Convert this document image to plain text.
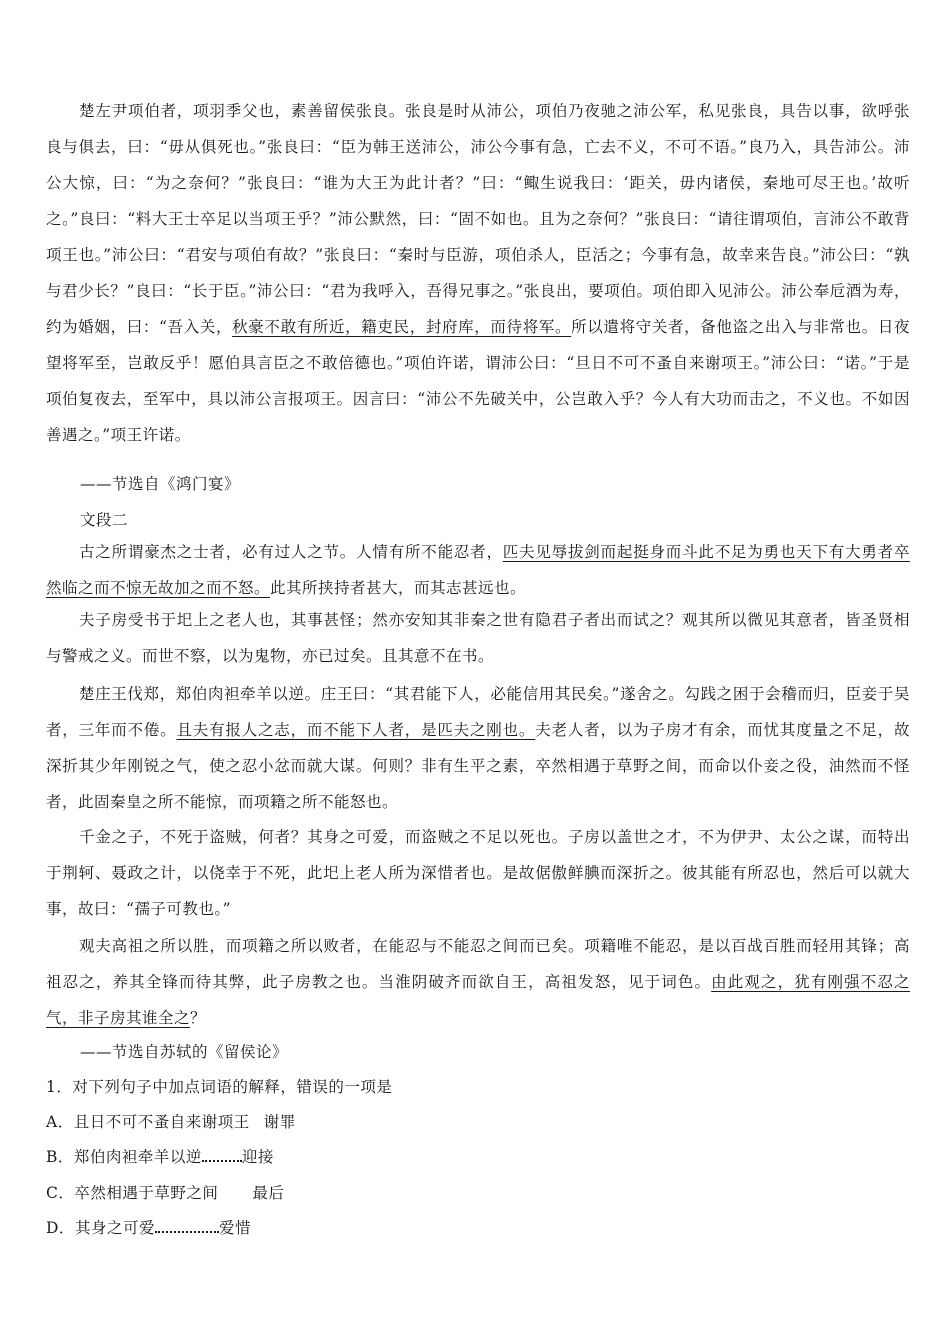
楚左尹项伯者，项羽季父也，素善留侯张良。张良是时从沛公，项伯乃夜驰之沛公军，私见张良，具告以事，欲呼张良与俱去，曰：“毋从俱死也。”张良曰：“臣为韩王送沛公，沛公今事有急，亡去不义，不可不语。”良乃入，具告沛公。沛公大惊，曰：“为之奈何？”张良曰：“谁为大王为此计者？”曰：“鲰生说我曰：‘距关，毋内诸侯，秦地可尽王也。’故听之。”良曰：“料大王士卒足以当项王乎？”沛公默然，曰：“固不如也。且为之奈何？”张良曰：“请往谓项伯，言沛公不敢背项王也。”沛公曰：“君安与项伯有故？”张良曰：“秦时与臣游，项伯杀人，臣活之；今事有急，故幸来告良。”沛公曰：“孰与君少长？”良曰：“长于臣。”沛公曰：“君为我呼入，吾得兄事之。”张良出，要项伯。项伯即入见沛公。沛公奉卮酒为寿，约为婚姻，曰：“吾入关，秋豪不敢有所近，籍吏民，封府库，而待将军。所以遣将守关者，备他盗之出入与非常也。日夜望将军至，岂敢反乎！愿伯具言臣之不敢倍德也。”项伯许诺，谓沛公曰：“旦日不可不蚤自来谢项王。”沛公曰：“诺。”于是项伯复夜去，至军中，具以沛公言报项王。因言曰：“沛公不先破关中，公岂敢入乎？今人有大功而击之，不义也。不如因善遇之。”项王许诺。
——节选自《鸿门宴》
文段二
古之所谓豪杰之士者，必有过人之节。人情有所不能忍者，匹夫见辱拔剑而起挺身而斗此不足为勇也天下有大勇者卒然临之而不惊无故加之而不怒。此其所挟持者甚大，而其志甚远也。
夫子房受书于圯上之老人也，其事甚怪；然亦安知其非秦之世有隐君子者出而试之？观其所以微见其意者，皆圣贤相与警戒之义。而世不察，以为鬼物，亦已过矣。且其意不在书。
楚庄王伐郑，郑伯肉袒牵羊以逆。庄王曰：“其君能下人，必能信用其民矣。”遂舍之。勾践之困于会稽而归，臣妾于吴者，三年而不倦。且夫有报人之志，而不能下人者，是匹夫之刚也。夫老人者，以为子房才有余，而忧其度量之不足，故深折其少年刚锐之气，使之忍小忿而就大谋。何则？非有生平之素，卒然相遇于草野之间，而命以仆妾之役，油然而不怪者，此固秦皇之所不能惊，而项籍之所不能怒也。
千金之子，不死于盗贼，何者？其身之可爱，而盗贼之不足以死也。子房以盖世之才，不为伊尹、太公之谋，而特出于荆轲、聂政之计，以侥幸于不死，此圯上老人所为深惜者也。是故倨傲鲜腆而深折之。彼其能有所忍也，然后可以就大事，故曰：“孺子可教也。”
观夫高祖之所以胜，而项籍之所以败者，在能忍与不能忍之间而已矣。项籍唯不能忍，是以百战百胜而轻用其锋；高祖忍之，养其全锋而待其弊，此子房教之也。当淮阴破齐而欲自王，高祖发怒，见于词色。由此观之，犹有刚强不忍之气，非子房其谁全之？
——节选自苏轼的《留侯论》
1．对下列句子中加点词语的解释，错误的一项是
A．且日不可不蚤自来谢项王 谢罪
B．郑伯肉袒牵羊以逆	迎接
C．卒然相遇于草野之间 最后
D．其身之可爱	爱惜
